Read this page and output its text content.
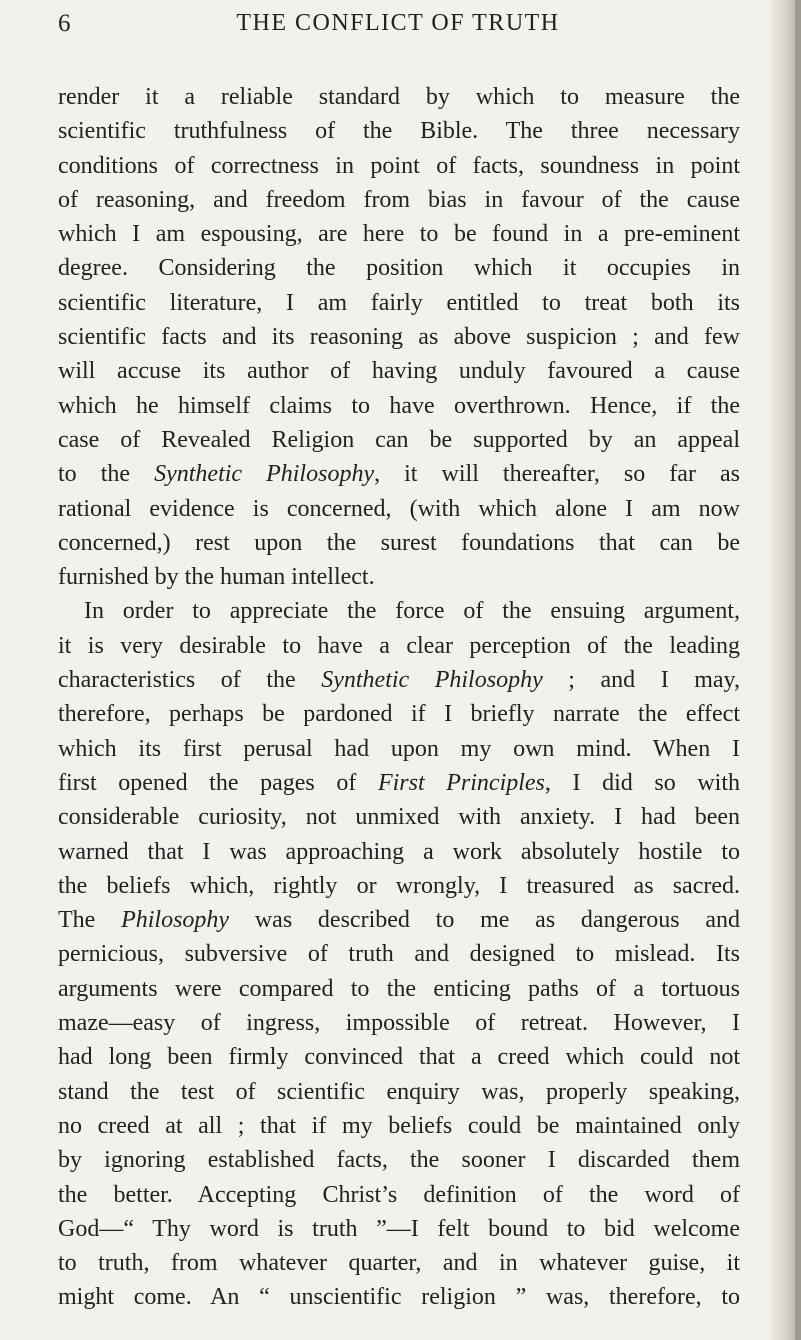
6	THE CONFLICT OF TRUTH
render it a reliable standard by which to measure the
scientific truthfulness of the Bible. The three necessary
conditions of correctness in point of facts, soundness in point
of reasoning, and freedom from bias in favour of the cause
which I am espousing, are here to be found in a pre-eminent
degree. Considering the position which it occupies in
scientific literature, I am fairly entitled to treat both its
scientific facts and its reasoning as above suspicion ; and few
will accuse its author of having unduly favoured a cause
which he himself claims to have overthrown. Hence, if the
case of Revealed Religion can be supported by an appeal
to the Synthetic Philosophy, it will thereafter, so far as
rational evidence is concerned, (with which alone I am now
concerned,) rest upon the surest foundations that can be
furnished by the human intellect.
In order to appreciate the force of the ensuing argument,
it is very desirable to have a clear perception of the leading
characteristics of the Synthetic Philosophy ; and I may,
therefore, perhaps be pardoned if I briefly narrate the effect
which its first perusal had upon my own mind. When I
first opened the pages of First Principles, I did so with
considerable curiosity, not unmixed with anxiety. I had been
warned that I was approaching a work absolutely hostile to
the beliefs which, rightly or wrongly, I treasured as sacred.
The Philosophy was described to me as dangerous and
pernicious, subversive of truth and designed to mislead. Its
arguments were compared to the enticing paths of a tortuous
maze—easy of ingress, impossible of retreat. However, I
had long been firmly convinced that a creed which could not
stand the test of scientific enquiry was, properly speaking,
no creed at all ; that if my beliefs could be maintained only
by ignoring established facts, the sooner I discarded them
the better. Accepting Christ’s definition of the word of
God—“ Thy word is truth ”—I felt bound to bid welcome
to truth, from whatever quarter, and in whatever guise, it
might come. An “ unscientific religion ” was, therefore, to
